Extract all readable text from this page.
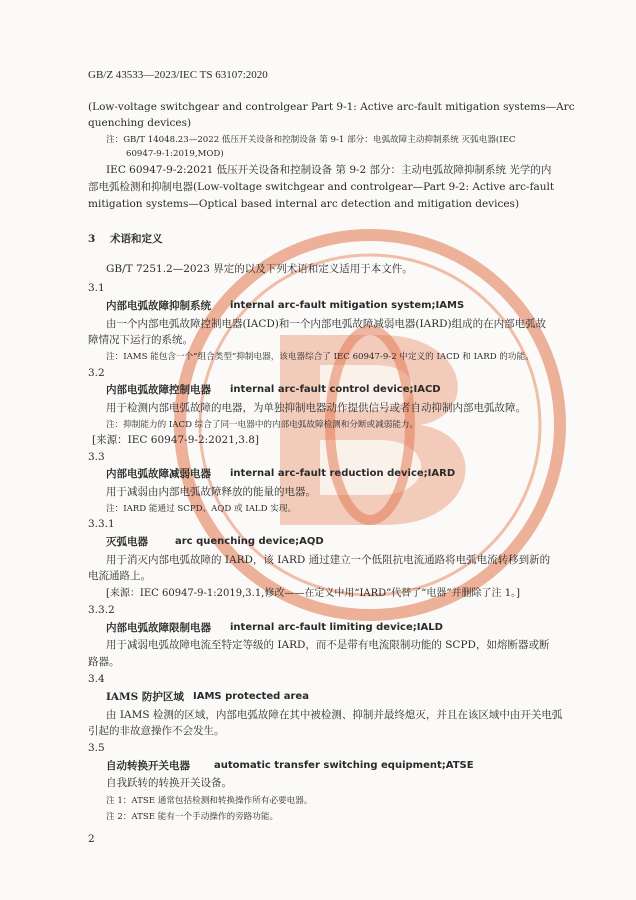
GB/Z 43533—2023/IEC TS 63107:2020
(Low-voltage switchgear and controlgear Part 9-1: Active arc-fault mitigation systems—Arc
quenching devices)
注：GB/T 14048.23—2022 低压开关设备和控制设备 第 9-1 部分：电弧故障主动抑制系统 灭弧电器(IEC
60947-9-1:2019,MOD)
IEC 60947-9-2:2021 低压开关设备和控制设备 第 9-2 部分：主动电弧故障抑制系统 光学的内
部电弧检测和抑制电器(Low-voltage switchgear and controlgear—Part 9-2: Active arc-fault
mitigation systems—Optical based internal arc detection and mitigation devices)
3 术语和定义
GB/T 7251.2—2023 界定的以及下列术语和定义适用于本文件。
3.1
内部电弧故障抑制系统 internal arc-fault mitigation system;IAMS
由一个内部电弧故障控制电器(IACD)和一个内部电弧故障减弱电器(IARD)组成的在内部电弧故
障情况下运行的系统。
注：IAMS 能包含一个“组合类型”抑制电器，该电器综合了 IEC 60947-9-2 中定义的 IACD 和 IARD 的功能。
3.2
内部电弧故障控制电器 internal arc-fault control device;IACD
用于检测内部电弧故障的电器，为单独抑制电器动作提供信号或者自动抑制内部电弧故障。
注：抑制能力的 IACD 综合了同一电器中的内部电弧故障检测和分断或减弱能力。
[来源：IEC 60947-9-2:2021,3.8]
3.3
内部电弧故障减弱电器 internal arc-fault reduction device;IARD
用于减弱由内部电弧故障释放的能量的电器。
注：IARD 能通过 SCPD、AQD 或 IALD 实现。
3.3.1
灭弧电器	arc quenching device;AQD
用于消灭内部电弧故障的 IARD，该 IARD 通过建立一个低阻抗电流通路将电弧电流转移到新的
电流通路上。
[来源：IEC 60947-9-1:2019,3.1,修改——在定义中用“IARD”代替了“电器”并删除了注 1。]
3.3.2
内部电弧故障限制电器 internal arc-fault limiting device;IALD
用于减弱电弧故障电流至特定等级的 IARD，而不是带有电流限制功能的 SCPD，如熔断器或断
路器。
3.4
IAMS 防护区域 IAMS protected area
由 IAMS 检测的区域，内部电弧故障在其中被检测、抑制并最终熄灭，并且在该区域中由开关电弧
引起的非故意操作不会发生。
3.5
自动转换开关电器 automatic transfer switching equipment;ATSE
自我跃转的转换开关设备。
注 1：ATSE 通常包括检测和转换操作所有必要电器。
注 2：ATSE 能有一个手动操作的旁路功能。
2
